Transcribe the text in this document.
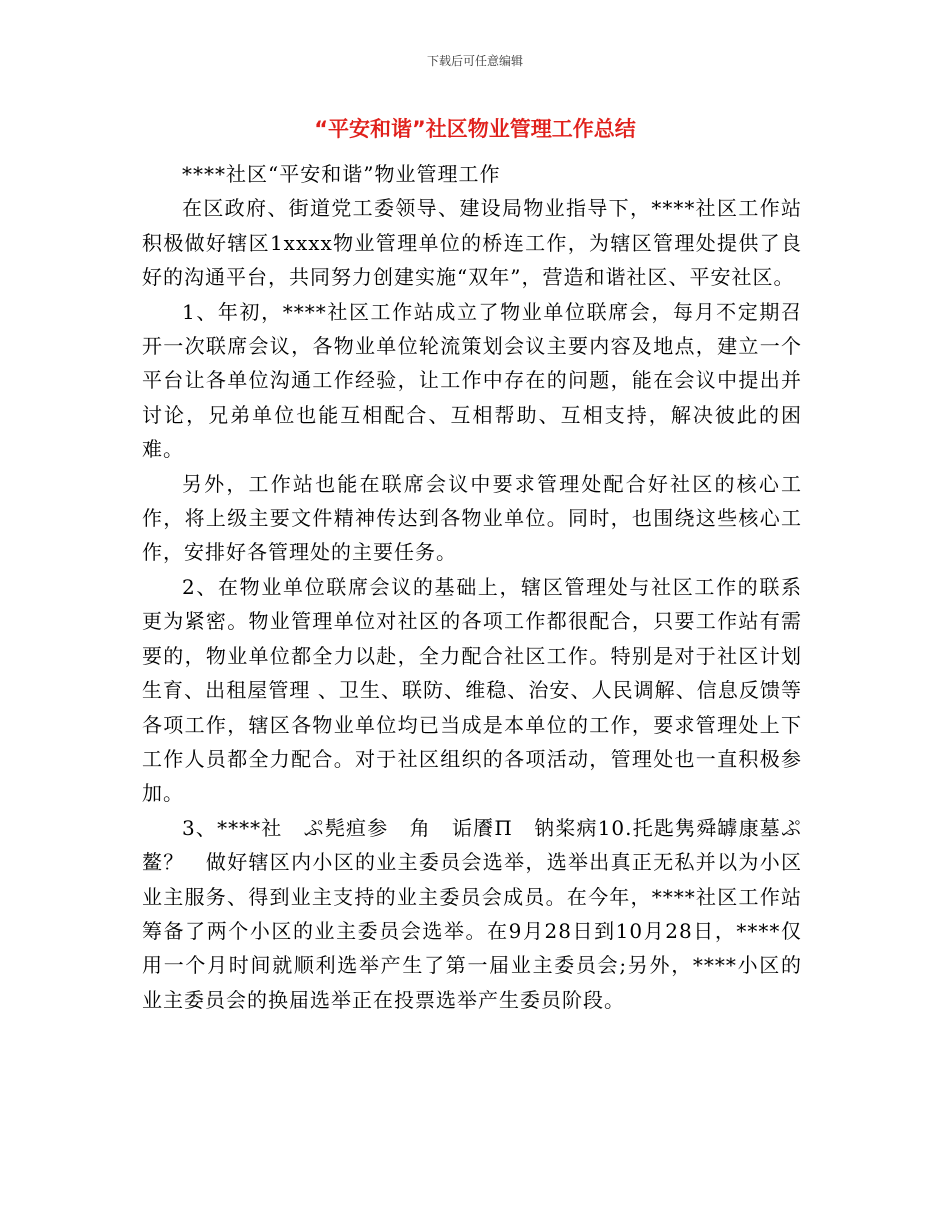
下载后可任意编辑
“平安和谐”社区物业管理工作总结

****社区“平安和谐”物业管理工作

在区政府、街道党工委领导、建设局物业指导下，****社区工作站积极做好辖区1xxxx物业管理单位的桥连工作，为辖区管理处提供了良好的沟通平台，共同努力创建实施“双年”，营造和谐社区、平安社区。

1、年初，****社区工作站成立了物业单位联席会，每月不定期召开一次联席会议，各物业单位轮流策划会议主要内容及地点，建立一个平台让各单位沟通工作经验，让工作中存在的问题，能在会议中提出并讨论，兄弟单位也能互相配合、互相帮助、互相支持，解决彼此的困难。

另外，工作站也能在联席会议中要求管理处配合好社区的核心工作，将上级主要文件精神传达到各物业单位。同时，也围绕这些核心工作，安排好各管理处的主要任务。

2、在物业单位联席会议的基础上，辖区管理处与社区工作的联系更为紧密。物业管理单位对社区的各项工作都很配合，只要工作站有需要的，物业单位都全力以赴，全力配合社区工作。特别是对于社区计划生育、出租屋管理 、卫生、联防、维稳、治安、人民调解、信息反馈等各项工作，辖区各物业单位均已当成是本单位的工作，要求管理处上下工作人员都全力配合。对于社区组织的各项活动，管理处也一直积极参加。

3、****社　ぷ髡疸参　角　诟餍Π　钠桨病10.托匙隽舜罅康墓ぷ鳌？　做好辖区内小区的业主委员会选举，选举出真正无私并以为小区业主服务、得到业主支持的业主委员会成员。在今年，****社区工作站筹备了两个小区的业主委员会选举。在9月28日到10月28日，****仅用一个月时间就顺利选举产生了第一届业主委员会;另外，****小区的业主委员会的换届选举正在投票选举产生委员阶段。
